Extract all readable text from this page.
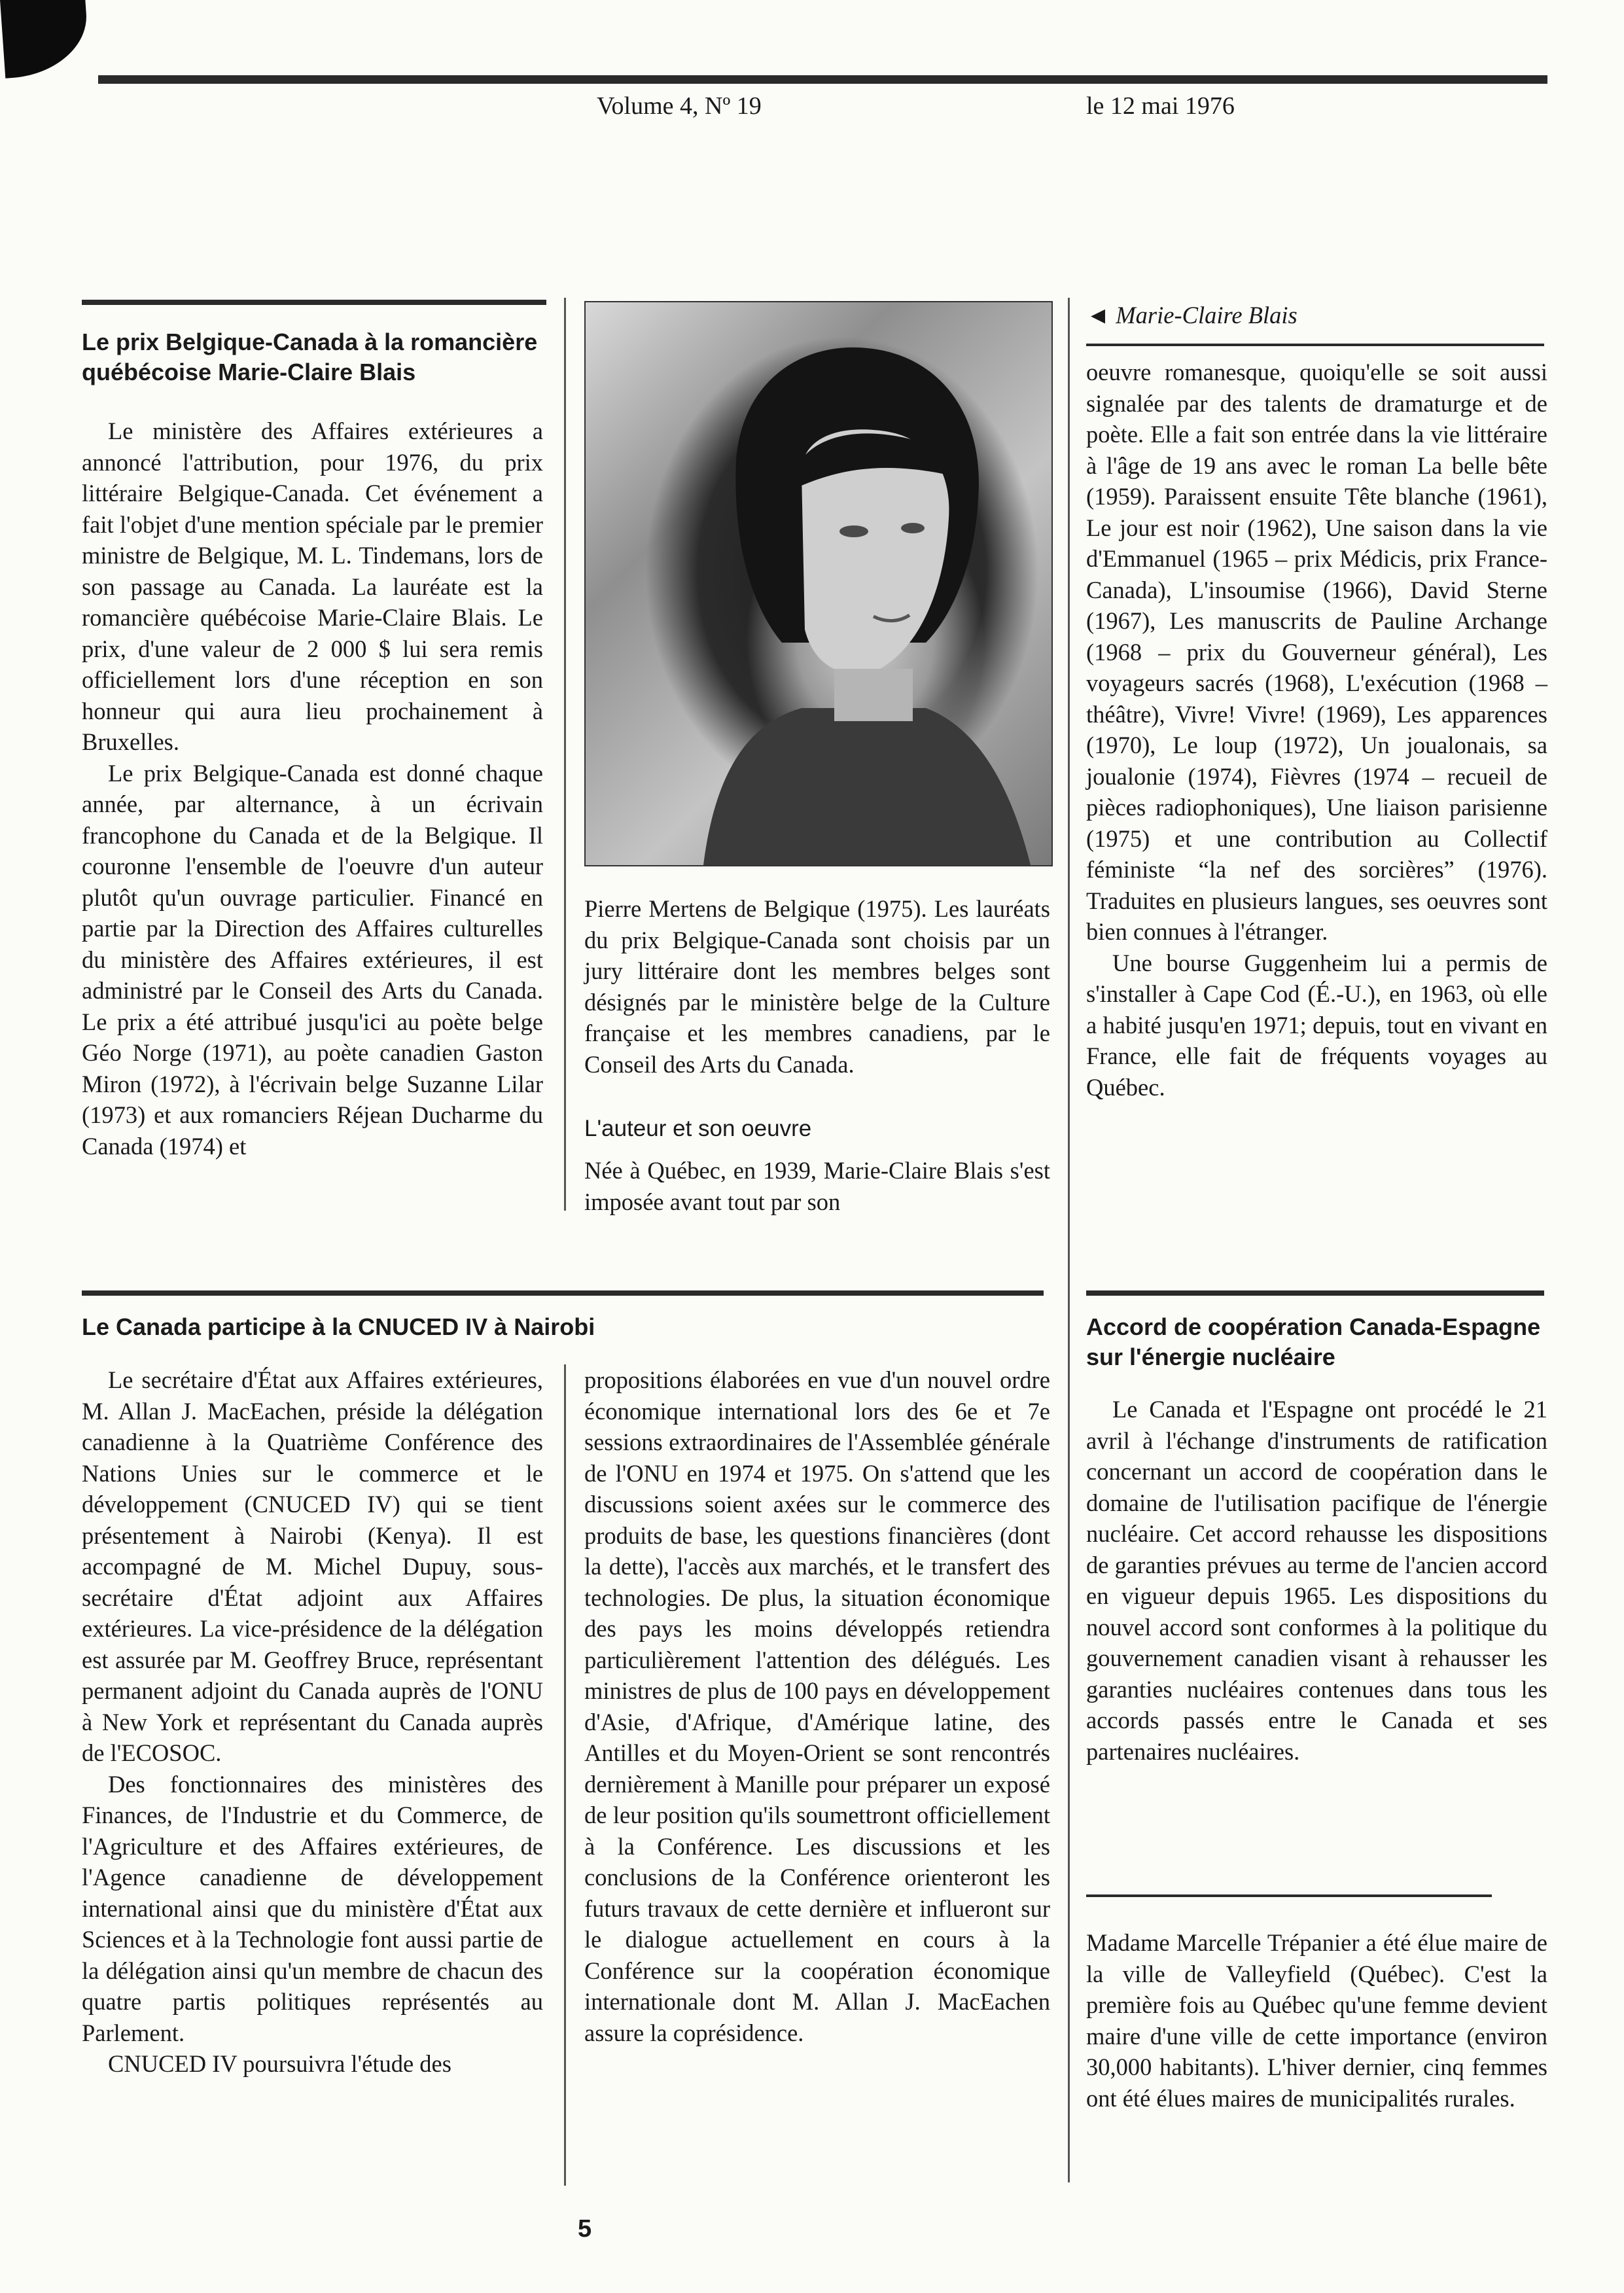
Volume 4, Nº 19	le 12 mai 1976
Le prix Belgique-Canada à la romancière québécoise Marie-Claire Blais

Le ministère des Affaires extérieures a annoncé l'attribution, pour 1976, du prix littéraire Belgique-Canada. Cet événement a fait l'objet d'une mention spéciale par le premier ministre de Belgique, M. L. Tindemans, lors de son passage au Canada. La lauréate est la romancière québécoise Marie-Claire Blais. Le prix, d'une valeur de 2 000 $ lui sera remis officiellement lors d'une réception en son honneur qui aura lieu prochainement à Bruxelles.

Le prix Belgique-Canada est donné chaque année, par alternance, à un écrivain francophone du Canada et de la Belgique. Il couronne l'ensemble de l'oeuvre d'un auteur plutôt qu'un ouvrage particulier. Financé en partie par la Direction des Affaires culturelles du ministère des Affaires extérieures, il est administré par le Conseil des Arts du Canada. Le prix a été attribué jusqu'ici au poète belge Géo Norge (1971), au poète canadien Gaston Miron (1972), à l'écrivain belge Suzanne Lilar (1973) et aux romanciers Réjean Ducharme du Canada (1974) et

Pierre Mertens de Belgique (1975). Les lauréats du prix Belgique-Canada sont choisis par un jury littéraire dont les membres belges sont désignés par le ministère belge de la Culture française et les membres canadiens, par le Conseil des Arts du Canada.

L'auteur et son oeuvre

Née à Québec, en 1939, Marie-Claire Blais s'est imposée avant tout par son

◄ Marie-Claire Blais

oeuvre romanesque, quoiqu'elle se soit aussi signalée par des talents de dramaturge et de poète. Elle a fait son entrée dans la vie littéraire à l'âge de 19 ans avec le roman La belle bête (1959). Paraissent ensuite Tête blanche (1961), Le jour est noir (1962), Une saison dans la vie d'Emmanuel (1965 – prix Médicis, prix France-Canada), L'insoumise (1966), David Sterne (1967), Les manuscrits de Pauline Archange (1968 – prix du Gouverneur général), Les voyageurs sacrés (1968), L'exécution (1968 – théâtre), Vivre! Vivre! (1969), Les apparences (1970), Le loup (1972), Un joualonais, sa joualonie (1974), Fièvres (1974 – recueil de pièces radiophoniques), Une liaison parisienne (1975) et une contribution au Collectif féministe “la nef des sorcières” (1976). Traduites en plusieurs langues, ses oeuvres sont bien connues à l'étranger.

Une bourse Guggenheim lui a permis de s'installer à Cape Cod (É.-U.), en 1963, où elle a habité jusqu'en 1971; depuis, tout en vivant en France, elle fait de fréquents voyages au Québec.

Le Canada participe à la CNUCED IV à Nairobi

Le secrétaire d'État aux Affaires extérieures, M. Allan J. MacEachen, préside la délégation canadienne à la Quatrième Conférence des Nations Unies sur le commerce et le développement (CNUCED IV) qui se tient présentement à Nairobi (Kenya). Il est accompagné de M. Michel Dupuy, sous-secrétaire d'État adjoint aux Affaires extérieures. La vice-présidence de la délégation est assurée par M. Geoffrey Bruce, représentant permanent adjoint du Canada auprès de l'ONU à New York et représentant du Canada auprès de l'ECOSOC.

Des fonctionnaires des ministères des Finances, de l'Industrie et du Commerce, de l'Agriculture et des Affaires extérieures, de l'Agence canadienne de développement international ainsi que du ministère d'État aux Sciences et à la Technologie font aussi partie de la délégation ainsi qu'un membre de chacun des quatre partis politiques représentés au Parlement.

CNUCED IV poursuivra l'étude des

propositions élaborées en vue d'un nouvel ordre économique international lors des 6e et 7e sessions extraordinaires de l'Assemblée générale de l'ONU en 1974 et 1975. On s'attend que les discussions soient axées sur le commerce des produits de base, les questions financières (dont la dette), l'accès aux marchés, et le transfert des technologies. De plus, la situation économique des pays les moins développés retiendra particulièrement l'attention des délégués. Les ministres de plus de 100 pays en développement d'Asie, d'Afrique, d'Amérique latine, des Antilles et du Moyen-Orient se sont rencontrés dernièrement à Manille pour préparer un exposé de leur position qu'ils soumettront officiellement à la Conférence. Les discussions et les conclusions de la Conférence orienteront les futurs travaux de cette dernière et influeront sur le dialogue actuellement en cours à la Conférence sur la coopération économique internationale dont M. Allan J. MacEachen assure la coprésidence.

Accord de coopération Canada-Espagne sur l'énergie nucléaire

Le Canada et l'Espagne ont procédé le 21 avril à l'échange d'instruments de ratification concernant un accord de coopération dans le domaine de l'utilisation pacifique de l'énergie nucléaire. Cet accord rehausse les dispositions de garanties prévues au terme de l'ancien accord en vigueur depuis 1965. Les dispositions du nouvel accord sont conformes à la politique du gouvernement canadien visant à rehausser les garanties nucléaires contenues dans tous les accords passés entre le Canada et ses partenaires nucléaires.

Madame Marcelle Trépanier a été élue maire de la ville de Valleyfield (Québec). C'est la première fois au Québec qu'une femme devient maire d'une ville de cette importance (environ 30,000 habitants). L'hiver dernier, cinq femmes ont été élues maires de municipalités rurales.

5
